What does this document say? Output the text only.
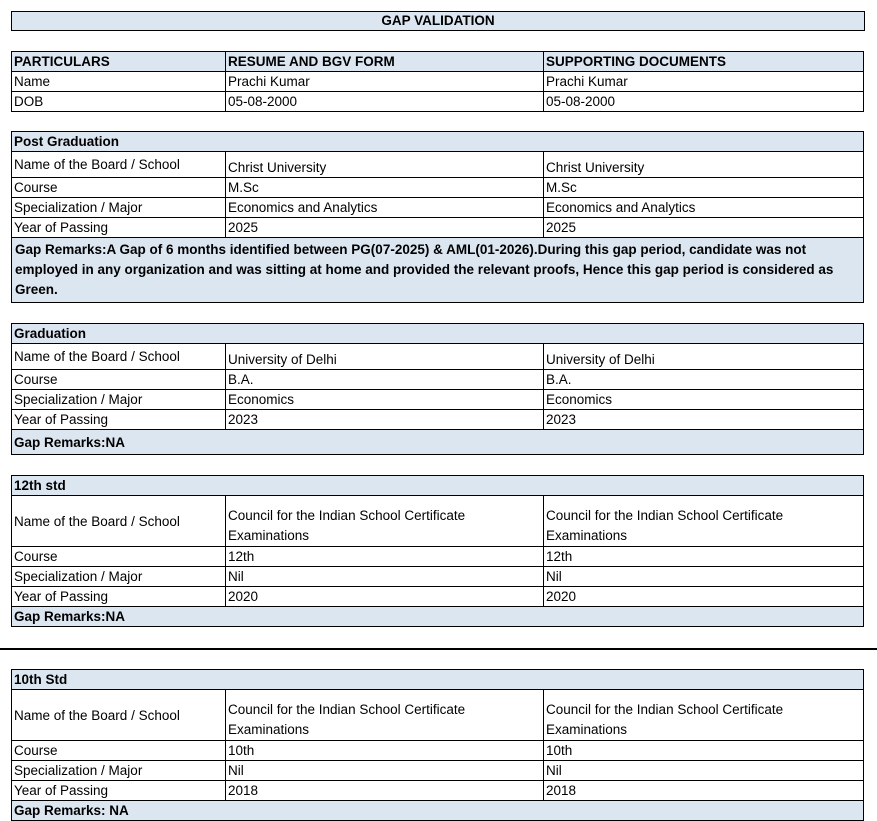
GAP VALIDATION
PARTICULARS	RESUME AND BGV FORM	SUPPORTING DOCUMENTS
Name	Prachi Kumar	Prachi Kumar
DOB	05-08-2000	05-08-2000
Post Graduation		
Name of the Board / School	Christ University	Christ University
Course	M.Sc	M.Sc
Specialization / Major	Economics and Analytics	Economics and Analytics
Year of Passing	2025	2025
Gap Remarks:A Gap of 6 months identified between PG(07-2025) & AML(01-2026).During this gap period, candidate was not employed in any organization and was sitting at home and provided the relevant proofs, Hence this gap period is considered as Green.		
Graduation		
Name of the Board / School	University of Delhi	University of Delhi
Course	B.A.	B.A.
Specialization / Major	Economics	Economics
Year of Passing	2023	2023
Gap Remarks:NA		
12th std		
Name of the Board / School	Council for the Indian School Certificate Examinations	Council for the Indian School Certificate Examinations
Course	12th	12th
Specialization / Major	Nil	Nil
Year of Passing	2020	2020
Gap Remarks:NA		
10th Std		
Name of the Board / School	Council for the Indian School Certificate Examinations	Council for the Indian School Certificate Examinations
Course	10th	10th
Specialization / Major	Nil	Nil
Year of Passing	2018	2018
Gap Remarks: NA		
